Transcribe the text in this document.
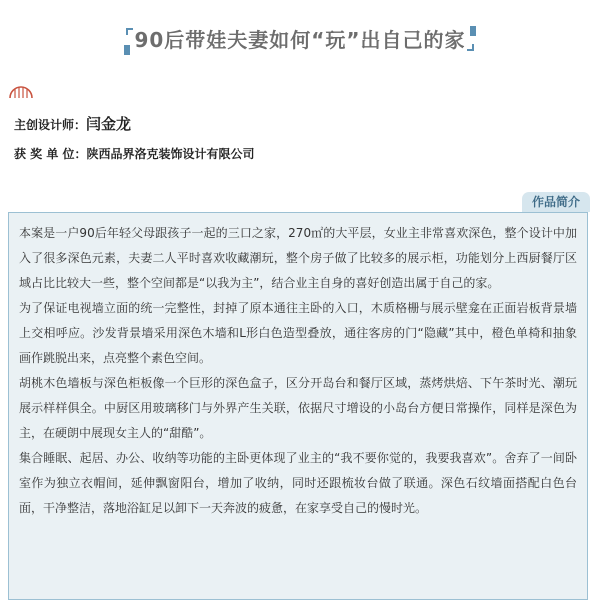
90后带娃夫妻如何“玩”出自己的家
主创设计师：闫金龙
获 奖 单 位：陕西品界洛克装饰设计有限公司
作品简介

本案是一户90后年轻父母跟孩子一起的三口之家，270㎡的大平层，女业主非常喜欢深色，整个设计中加入了很多深色元素，夫妻二人平时喜欢收藏潮玩，整个房子做了比较多的展示柜，功能划分上西厨餐厅区域占比比较大一些，整个空间都是“以我为主”，结合业主自身的喜好创造出属于自己的家。

为了保证电视墙立面的统一完整性，封掉了原本通往主卧的入口，木质格栅与展示壁龛在正面岩板背景墙上交相呼应。沙发背景墙采用深色木墙和L形白色造型叠放，通往客房的门“隐藏”其中，橙色单椅和抽象画作跳脱出来，点亮整个素色空间。

胡桃木色墙板与深色柜板像一个巨形的深色盒子，区分开岛台和餐厅区域，蒸烤烘焙、下午茶时光、潮玩展示样样俱全。中厨区用玻璃移门与外界产生关联，依据尺寸增设的小岛台方便日常操作，同样是深色为主，在硬朗中展现女主人的“甜酷”。

集合睡眠、起居、办公、收纳等功能的主卧更体现了业主的“我不要你觉的，我要我喜欢”。舍弃了一间卧室作为独立衣帽间，延伸飘窗阳台，增加了收纳，同时还跟梳妆台做了联通。深色石纹墙面搭配白色台面，干净整洁，落地浴缸足以卸下一天奔波的疲惫，在家享受自己的慢时光。
